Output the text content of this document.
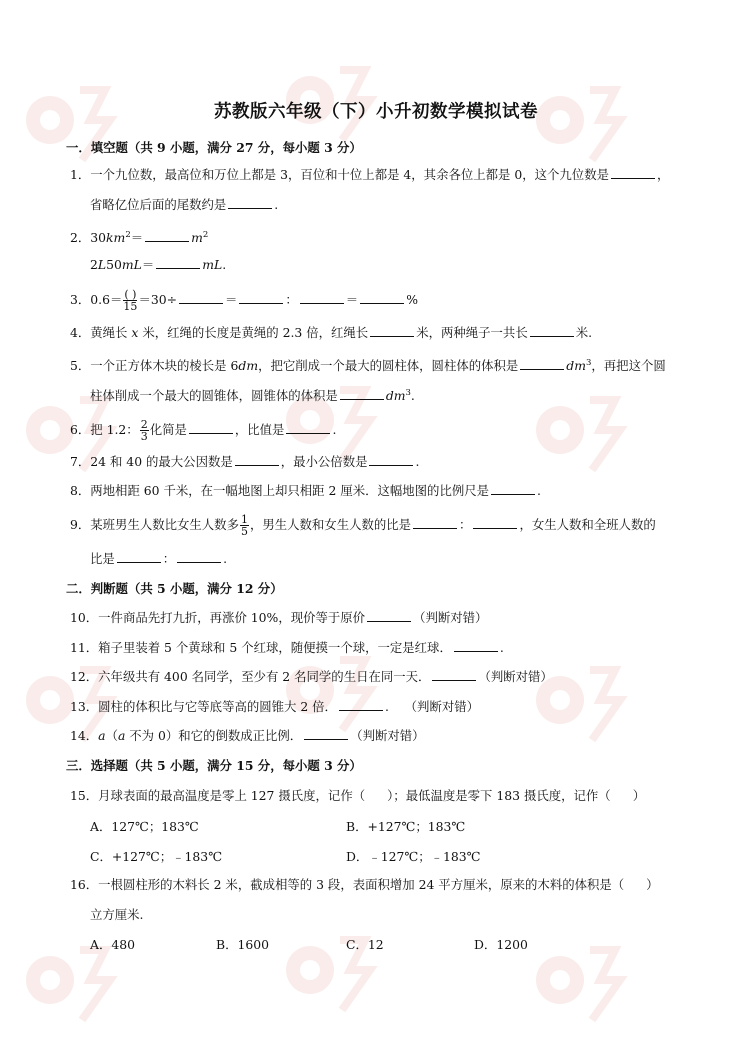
苏教版六年级（下）小升初数学模拟试卷
一．填空题（共 9 小题，满分 27 分，每小题 3 分）
1．一个九位数，最高位和万位上都是 3，百位和十位上都是 4，其余各位上都是 0，这个九位数是	，
省略亿位后面的尾数约是	.
2．$30km^2=$	$m^2$
2L50mL＝	mL.
3．$0.6= \frac{( )}{15} =30\div$	＝	：	＝	%
4．黄绳长 x 米，红绳的长度是黄绳的 2.3 倍，红绳长	米，两种绳子一共长	米.
5．一个正方体木块的棱长是 6dm，把它削成一个最大的圆柱体，圆柱体的体积是	$dm^3$，再把这个圆
柱体削成一个最大的圆锥体，圆锥体的体积是	$dm^3$.
6．把 1.2： $\frac{2}{3}$ 化简是	，比值是	.
7．24 和 40 的最大公因数是	，最小公倍数是	.
8．两地相距 60 千米，在一幅地图上却只相距 2 厘米．这幅地图的比例尺是	.
9．某班男生人数比女生人数多 $\frac{1}{5}$ ，男生人数和女生人数的比是	：	，女生人数和全班人数的
比是	：	.
二．判断题（共 5 小题，满分 12 分）
10．一件商品先打九折，再涨价 10%，现价等于原价	（判断对错）
11．箱子里装着 5 个黄球和 5 个红球，随便摸一个球，一定是红球．	.
12．六年级共有 400 名同学，至少有 2 名同学的生日在同一天．	（判断对错）
13．圆柱的体积比与它等底等高的圆锥大 2 倍．	. （判断对错）
14．a（a 不为 0）和它的倒数成正比例．	（判断对错）
三．选择题（共 5 小题，满分 15 分，每小题 3 分）
15．月球表面的最高温度是零上 127 摄氏度，记作（ ）；最低温度是零下 183 摄氏度，记作（ ）
A．127℃；183℃	B．+127℃；183℃
C．+127℃；﹣183℃	D．﹣127℃；﹣183℃
16．一根圆柱形的木料长 2 米，截成相等的 3 段，表面积增加 24 平方厘米，原来的木料的体积是（ ）
立方厘米.
A．480	B．1600	C．12	D．1200
